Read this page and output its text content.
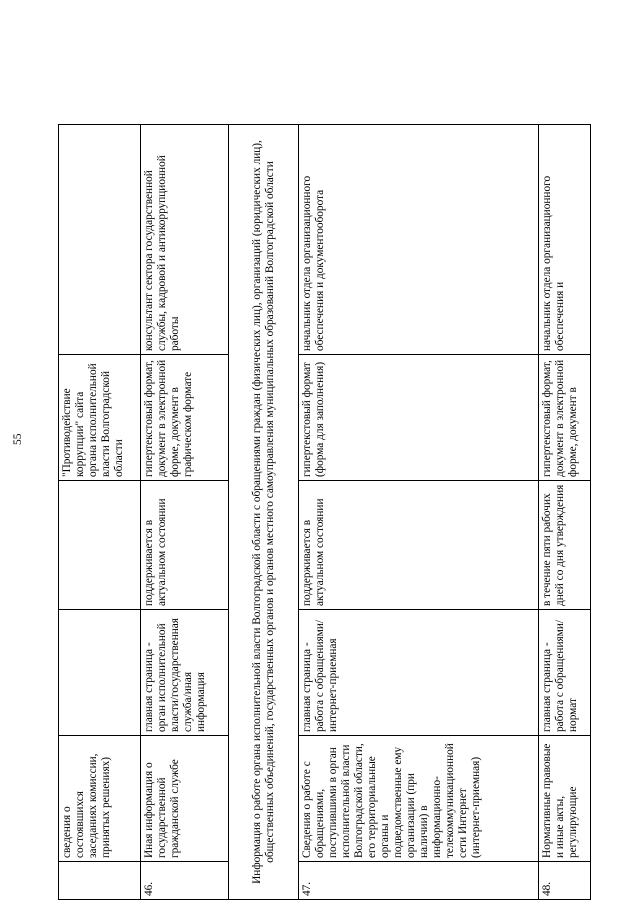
55
	сведения о состоявшихся заседаниях комиссии, принятых решениях)			"Противодействие коррупции" сайта органа исполнительной власти Волгоградской области	
46.	Иная информация о государственной гражданской службе	главная страница - орган исполнительной власти/государственная служба/иная информация	поддерживается в актуальном состоянии	гипертекстовый формат, документ в электронной форме, документ в графическом формате	консультант сектора государственной службы, кадровой и антикоррупционной работы
Информация о работе органа исполнительной власти Волгоградской области с обращениями граждан (физических лиц), организаций (юридических лиц), общественных объединений, государственных органов и органов местного самоуправления муниципальных образований Волгоградской области					
47.	Сведения о работе с обращениями, поступившими в орган исполнительной власти Волгоградской области, его территориальные органы и подведомственные ему организации (при наличии) в информационно-телекоммуникационной сети Интернет (интернет-приемная)	главная страница - работа с обращениями/интернет-приемная	поддерживается в актуальном состоянии	гипертекстовый формат (форма для заполнения)	начальник отдела организационного обеспечения и документооборота
48.	Нормативные правовые и иные акты, регулирующие	главная страница - работа с обращениями/нормат	в течение пяти рабочих дней со дня утверждения	гипертекстовый формат, документ в электронной форме, документ в	начальник отдела организационного обеспечения и
